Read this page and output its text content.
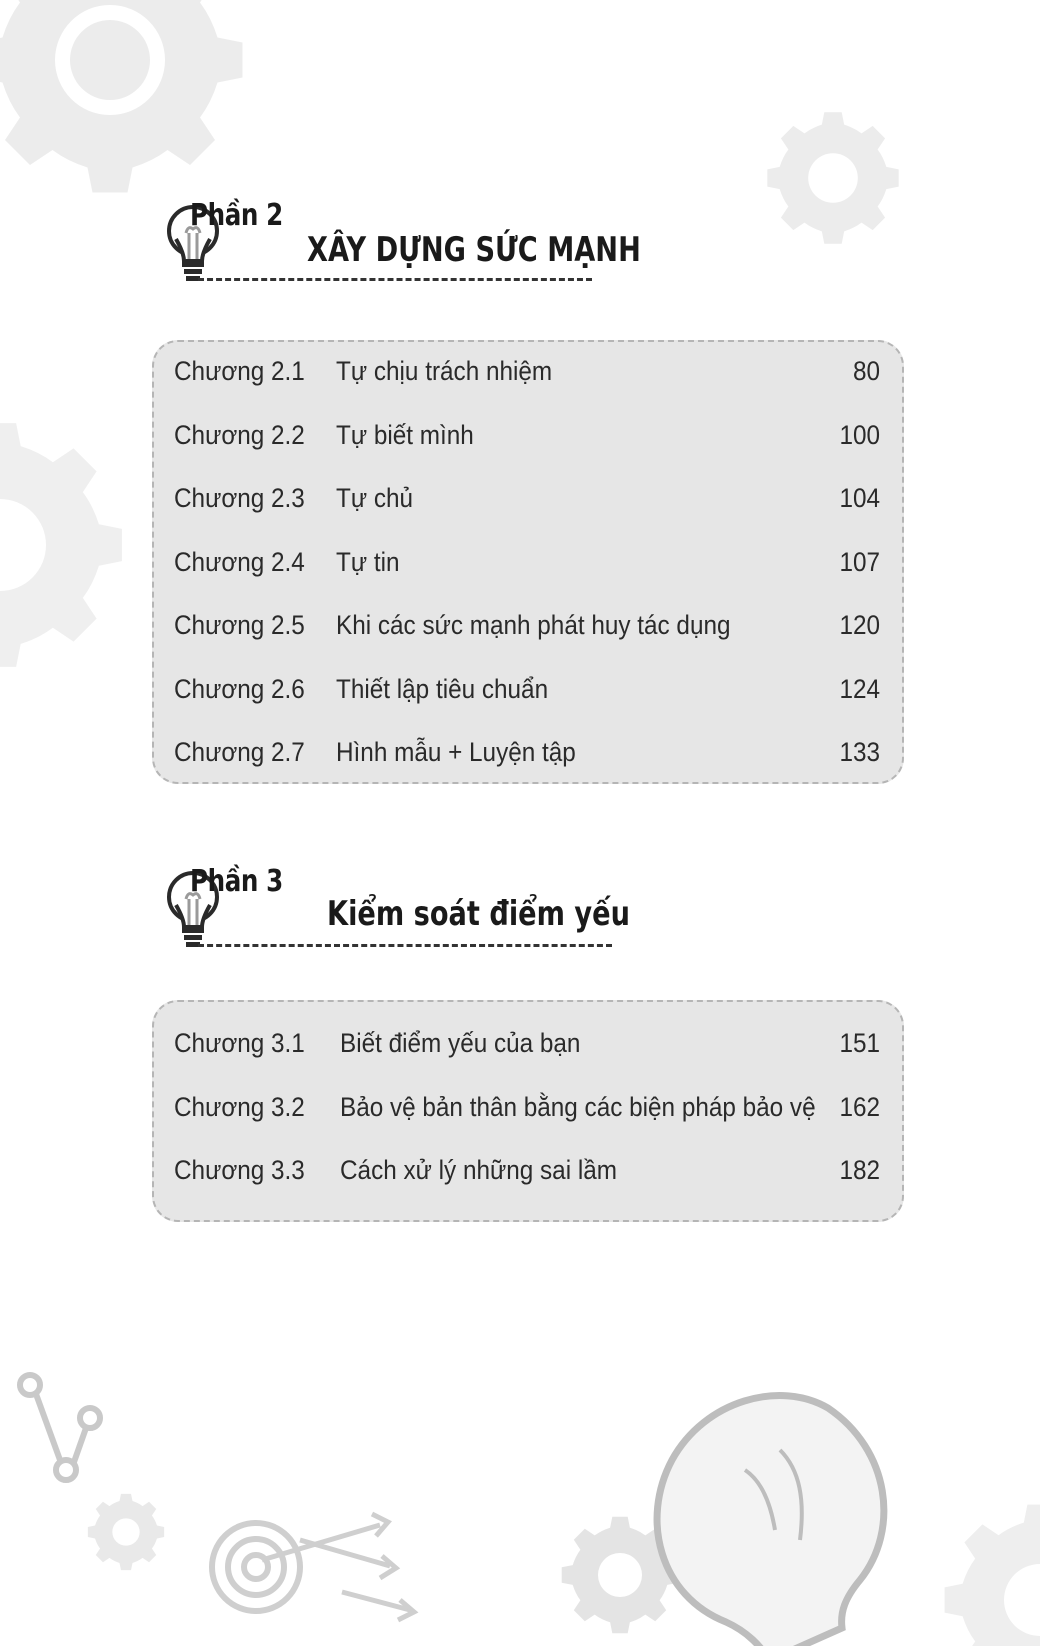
Phần 2
XÂY DỰNG SỨC MẠNH
Chương 2.1 Tự chịu trách nhiệm	80
Chương 2.2 Tự biết mình	100
Chương 2.3 Tự chủ	104
Chương 2.4 Tự tin	107
Chương 2.5 Khi các sức mạnh phát huy tác dụng	120
Chương 2.6 Thiết lập tiêu chuẩn	124
Chương 2.7 Hình mẫu + Luyện tập	133
Phần 3
Kiểm soát điểm yếu
Chương 3.1 Biết điểm yếu của bạn	151
Chương 3.2 Bảo vệ bản thân bằng các biện pháp bảo vệ 162
Chương 3.3 Cách xử lý những sai lầm	182
